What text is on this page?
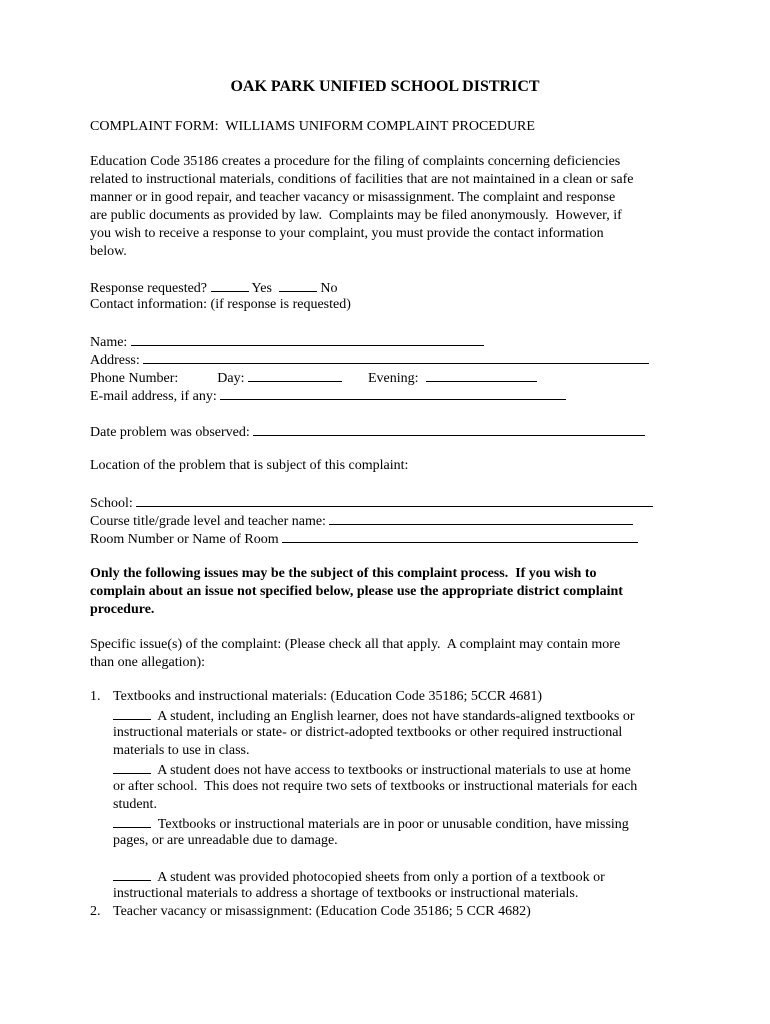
OAK PARK UNIFIED SCHOOL DISTRICT
COMPLAINT FORM:  WILLIAMS UNIFORM COMPLAINT PROCEDURE
Education Code 35186 creates a procedure for the filing of complaints concerning deficiencies
related to instructional materials, conditions of facilities that are not maintained in a clean or safe
manner or in good repair, and teacher vacancy or misassignment. The complaint and response
are public documents as provided by law.  Complaints may be filed anonymously.  However, if
you wish to receive a response to your complaint, you must provide the contact information
below.
Response requested?	Yes	No
Contact information: (if response is requested)
Name:
Address:
Phone Number:	Day:	Evening:
E-mail address, if any:
Date problem was observed:
Location of the problem that is subject of this complaint:
School:
Course title/grade level and teacher name:
Room Number or Name of Room
Only the following issues may be the subject of this complaint process.  If you wish to
complain about an issue not specified below, please use the appropriate district complaint
procedure.
Specific issue(s) of the complaint: (Please check all that apply.  A complaint may contain more
than one allegation):
1. Textbooks and instructional materials: (Education Code 35186; 5CCR 4681)
A student, including an English learner, does not have standards-aligned textbooks or
instructional materials or state- or district-adopted textbooks or other required instructional
materials to use in class.
A student does not have access to textbooks or instructional materials to use at home
or after school.  This does not require two sets of textbooks or instructional materials for each
student.
Textbooks or instructional materials are in poor or unusable condition, have missing
pages, or are unreadable due to damage.
A student was provided photocopied sheets from only a portion of a textbook or
instructional materials to address a shortage of textbooks or instructional materials.
2. Teacher vacancy or misassignment: (Education Code 35186; 5 CCR 4682)
